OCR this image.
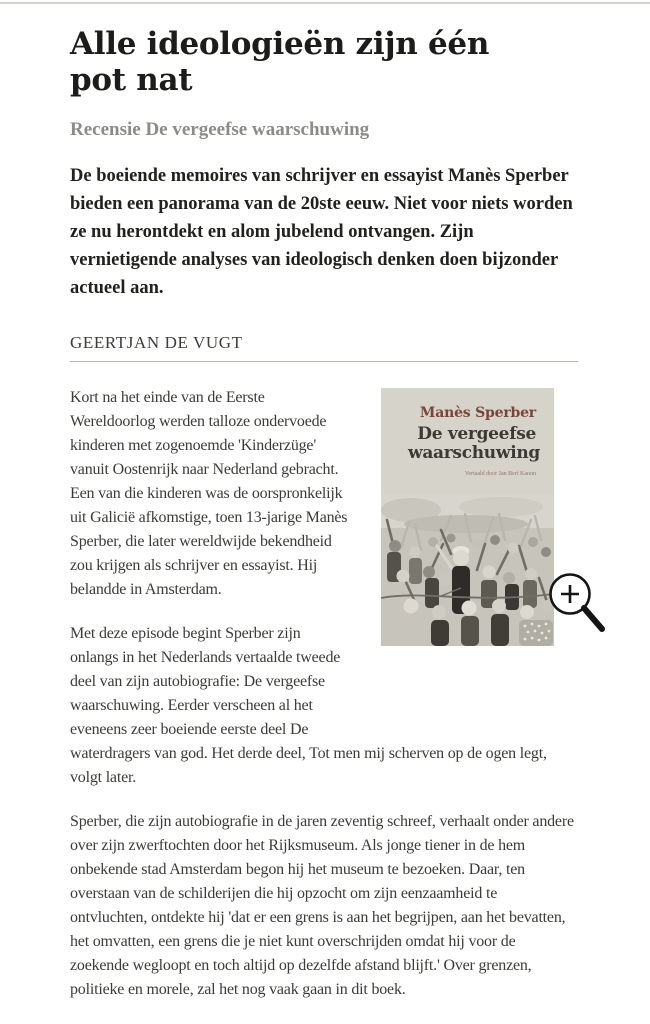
Alle ideologieën zijn één pot nat
Recensie De vergeefse waarschuwing

De boeiende memoires van schrijver en essayist Manès Sperber bieden een panorama van de 20ste eeuw. Niet voor niets worden ze nu herontdekt en alom jubelend ontvangen. Zijn vernietigende analyses van ideologisch denken doen bijzonder actueel aan.

GEERTJAN DE VUGT
Manès Sperber
De vergeefse waarschuwing
Vertaald door Jan Bert Kanon

Kort na het einde van de Eerste Wereldoorlog werden talloze ondervoede kinderen met zogenoemde 'Kinderzüge' vanuit Oostenrijk naar Nederland gebracht. Een van die kinderen was de oorspronkelijk uit Galicië afkomstige, toen 13-jarige Manès Sperber, die later wereldwijde bekendheid zou krijgen als schrijver en essayist. Hij belandde in Amsterdam.

Met deze episode begint Sperber zijn onlangs in het Nederlands vertaalde tweede deel van zijn autobiografie: De vergeefse waarschuwing. Eerder verscheen al het eveneens zeer boeiende eerste deel De waterdragers van god. Het derde deel, Tot men mij scherven op de ogen legt, volgt later.

Sperber, die zijn autobiografie in de jaren zeventig schreef, verhaalt onder andere over zijn zwerftochten door het Rijksmuseum. Als jonge tiener in de hem onbekende stad Amsterdam begon hij het museum te bezoeken. Daar, ten overstaan van de schilderijen die hij opzocht om zijn eenzaamheid te ontvluchten, ontdekte hij 'dat er een grens is aan het begrijpen, aan het bevatten, het omvatten, een grens die je niet kunt overschrijden omdat hij voor de zoekende wegloopt en toch altijd op dezelfde afstand blijft.' Over grenzen, politieke en morele, zal het nog vaak gaan in dit boek.
